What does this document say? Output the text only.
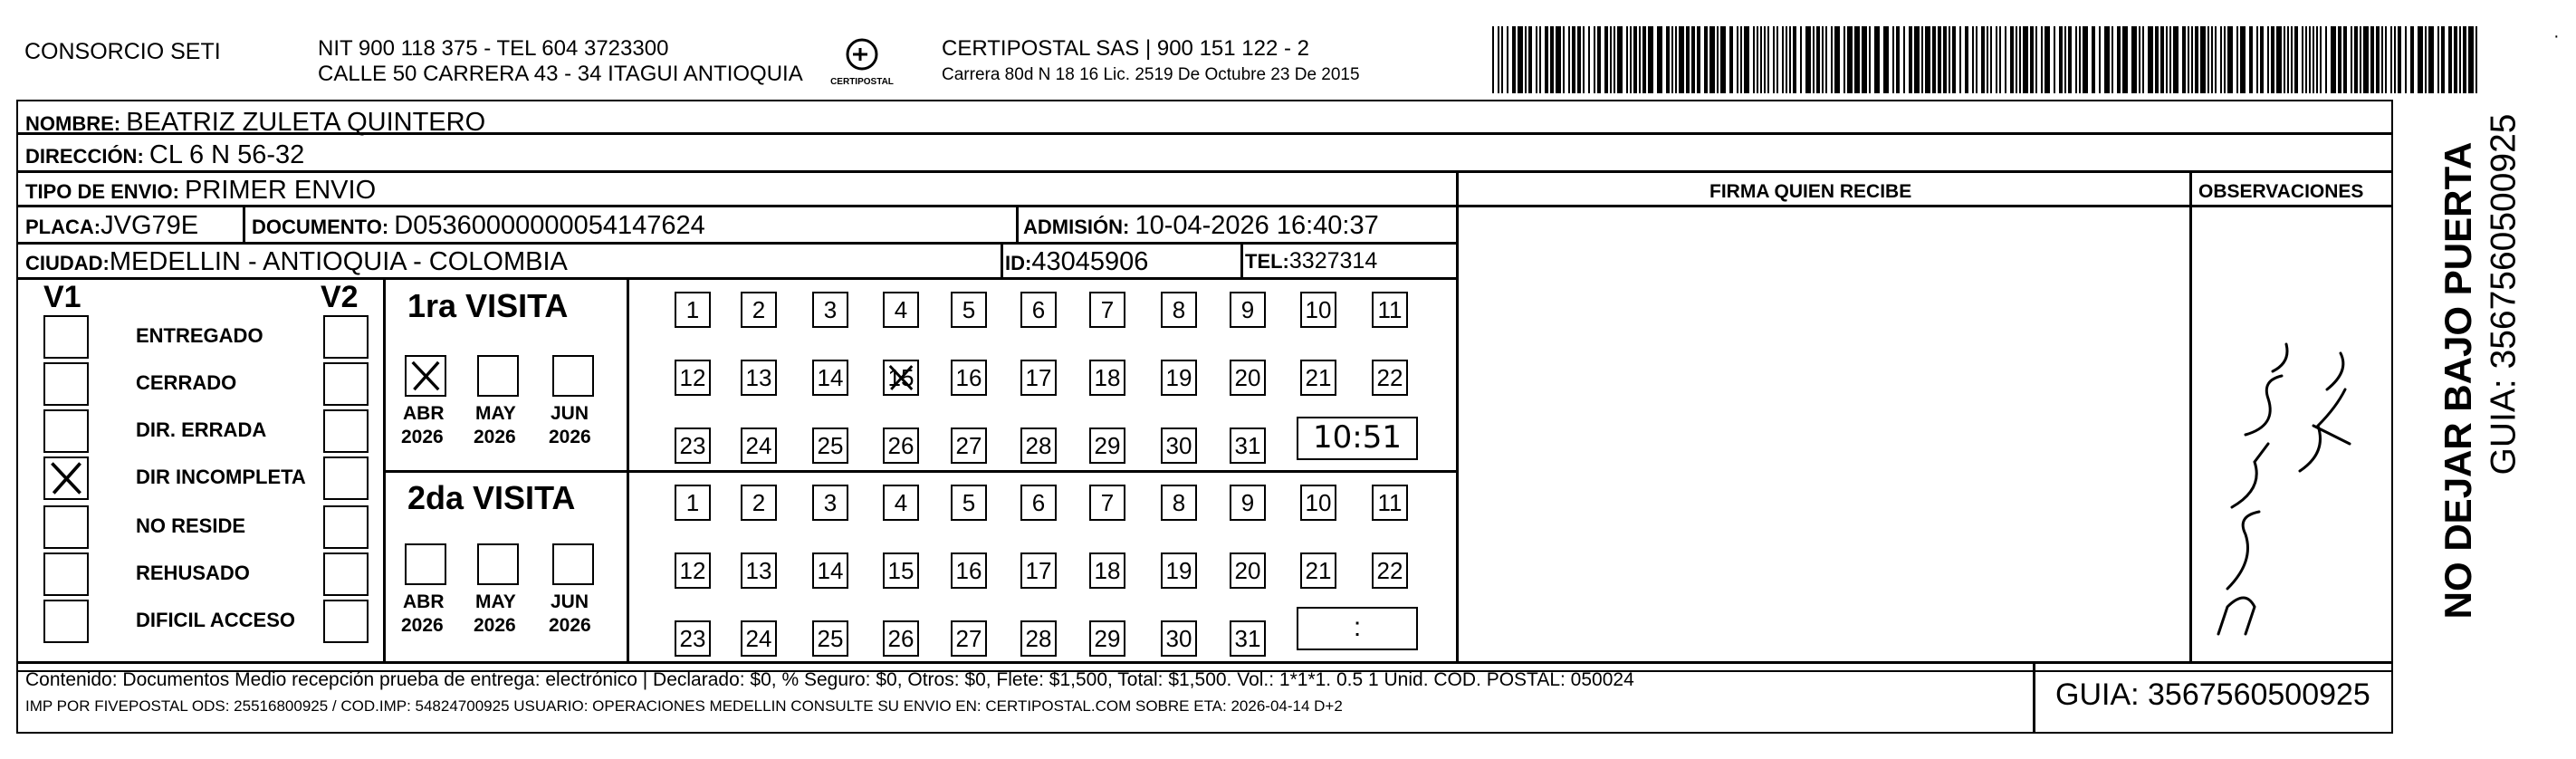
CONSORCIO SETI	NIT 900 118 375 - TEL 604 3723300
CALLE 50 CARRERA 43 - 34 ITAGUI ANTIOQUIA	CERTIPOSTAL
CERTIPOSTAL SAS | 900 151 122 - 2
Carrera 80d N 18 16 Lic. 2519 De Octubre 23 De 2015
NOMBRE: BEATRIZ ZULETA QUINTERO
DIRECCIÓN: CL 6 N 56-32
TIPO DE ENVIO: PRIMER ENVIO
PLACA:JVG79E	DOCUMENTO: D05360000000054147624	ADMISIÓN: 10-04-2026 16:40:37
CIUDAD:MEDELLIN - ANTIOQUIA - COLOMBIA	ID:43045906	TEL:3327314
FIRMA QUIEN RECIBE	OBSERVACIONES
V1	V2
ENTREGADO
CERRADO
DIR. ERRADA
DIR INCOMPLETA
NO RESIDE
REHUSADO
DIFICIL ACCESO
1ra VISITA
2da VISITA
ABR
2026
MAY
2026
JUN
2026
ABR
2026
MAY
2026
JUN
2026
1	2	3	4	5	6	7	8	9	10 11
12 13 14 15 16 17 18 19 20 21 22
23 24 25 26 27 28 29 30 31
1	2	3	4	5	6	7	8	9	10 11
12 13 14 15 16 17 18 19 20 21 22
23 24 25 26 27 28 29 30 31
10:51
:
Contenido: Documentos Medio recepción prueba de entrega: electrónico | Declarado: $0, % Seguro: $0, Otros: $0, Flete: $1,500, Total: $1,500. Vol.: 1*1*1. 0.5 1 Unid. COD. POSTAL: 050024
IMP POR FIVEPOSTAL ODS: 25516800925 / COD.IMP: 54824700925 USUARIO: OPERACIONES MEDELLIN CONSULTE SU ENVIO EN: CERTIPOSTAL.COM SOBRE ETA: 2026-04-14 D+2	GUIA: 3567560500925
NO DEJAR BAJO PUERTA GUIA: 3567560500925
·
